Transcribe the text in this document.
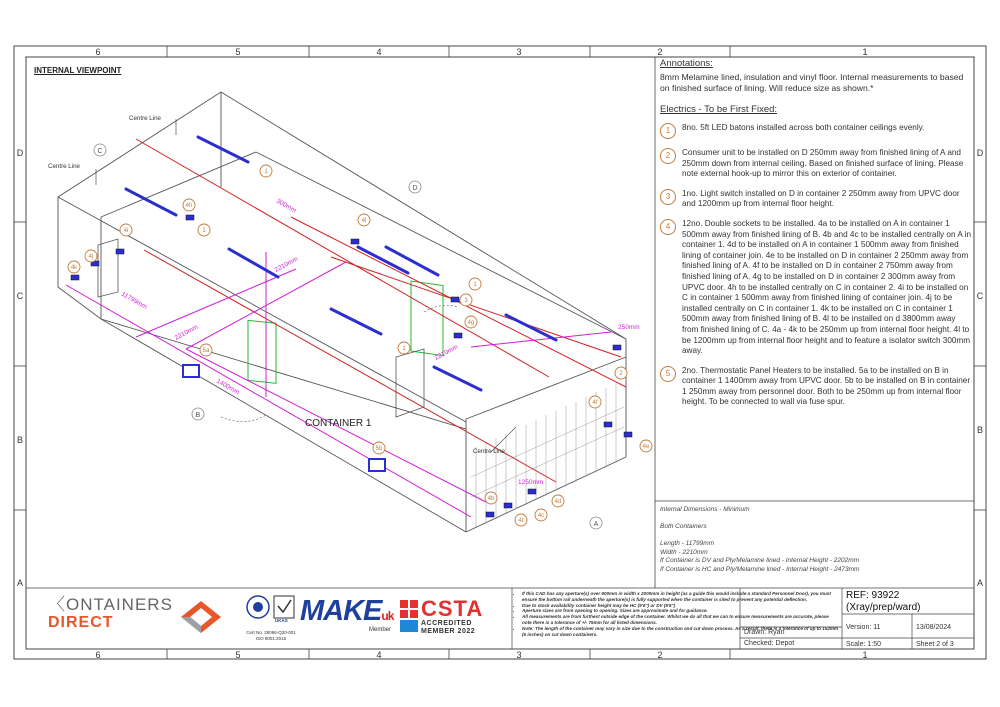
6	5	4	3	2	1
6	5	4	3	2	1
D
C
B
A
D
C
B
A
INTERNAL VIEWPOINT
1
1
1
1
2
3
4h
4i
4j
4k
4l
4g
5a
5b
4b
4t
4c
4d
4f
4e
C
D
B
A
11799mm
2210mm
2210mm
2210mm
1400mm
300mm
250mm
1250mm
Centre Line
Centre Line
Centre Line
CONTAINER 1
Annotations:
8mm Melamine lined, insulation and vinyl floor. Internal measurements to based on finished surface of lining. Will reduce size as shown.*
Electrics - To be First Fixed:
1	8no. 5ft LED batons installed across both container ceilings evenly.
2	Consumer unit to be installed on D 250mm away from finished lining of A and 250mm down from internal ceiling. Based on finished surface of lining. Please note external hook-up to mirror this on exterior of container.
3	1no. Light switch installed on D in container 2 250mm away from UPVC door and 1200mm up from internal floor height.
4	12no. Double sockets to be installed. 4a to be installed on A in container 1 500mm away from finished lining of B. 4b and 4c to be installed centrally on A in container 1. 4d to be installed on A in container 1 500mm away from finished lining of container join. 4e to be installed on D in container 2 250mm away from finished lining of A. 4f to be installed on D in container 2 750mm away from finished lining of A. 4g to be installed on D in container 2 300mm away from UPVC door. 4h to be installed centrally on C in container 2. 4i to be installed on C in container 1 500mm away from finished lining of container join. 4j to be installed centrally on C in container 1. 4k to be installed on C in container 1 500mm away from finished lining of B. 4l to be installed on d 3800mm away from finished lining of C. 4a - 4k to be 250mm up from internal floor height. 4l to be 1200mm up from internal floor height and to feature a isolator switch 300mm away.
5	2no. Thermostatic Panel Heaters to be installed. 5a to be installed on B in container 1 1400mm away from UPVC door. 5b to be installed on B in container 1 250mm away from personnel door. Both to be 250mm up from internal floor height. To be connected to wall via fuse spur.
Internal Dimensions - Minimum
Both Containers
Length - 11799mm
Width - 2210mm
If Container is DV and Ply/Melamine lined - Internal Height - 2202mm
If Container is HC and Ply/Melamine lined - Internal Height - 2473mm
〈ONTAINERS
DIRECT	UKAS
Cert No. 28086-Q20-001
ISO 9001:2015
MAKEuk
Member
CSTA
ACCREDITED
MEMBER 2022
• If this CAD has any aperture(s) over 900mm in width x 2000mm in height (as a guide this would include a standard Personnel Door), you must ensure the bottom rail underneath the aperture(s) is fully supported when the container is sited to prevent any potential deflection.
• Due to stock availability container height may be HC (9'6") or DV (8'6")
• Aperture sizes are from opening to opening. Sizes are approximate and for guidance.
• All measurements are from furthest outside edge of the container. Whilst we do all that we can to ensure measurements are accurate, please note there is a tolerance of +/- 75mm for all listed dimensions.
• Note: The length of the container may vary in size due to the construction and cut down process. As a result, there is a tolerance of up to 152mm (6 inches) on cut down containers.
REF: 93922
(Xray/prep/ward)
Drawn: Ryan
Checked: Depot
Version: 11	13/08/2024
Scale: 1:50	Sheet 2 of 3
